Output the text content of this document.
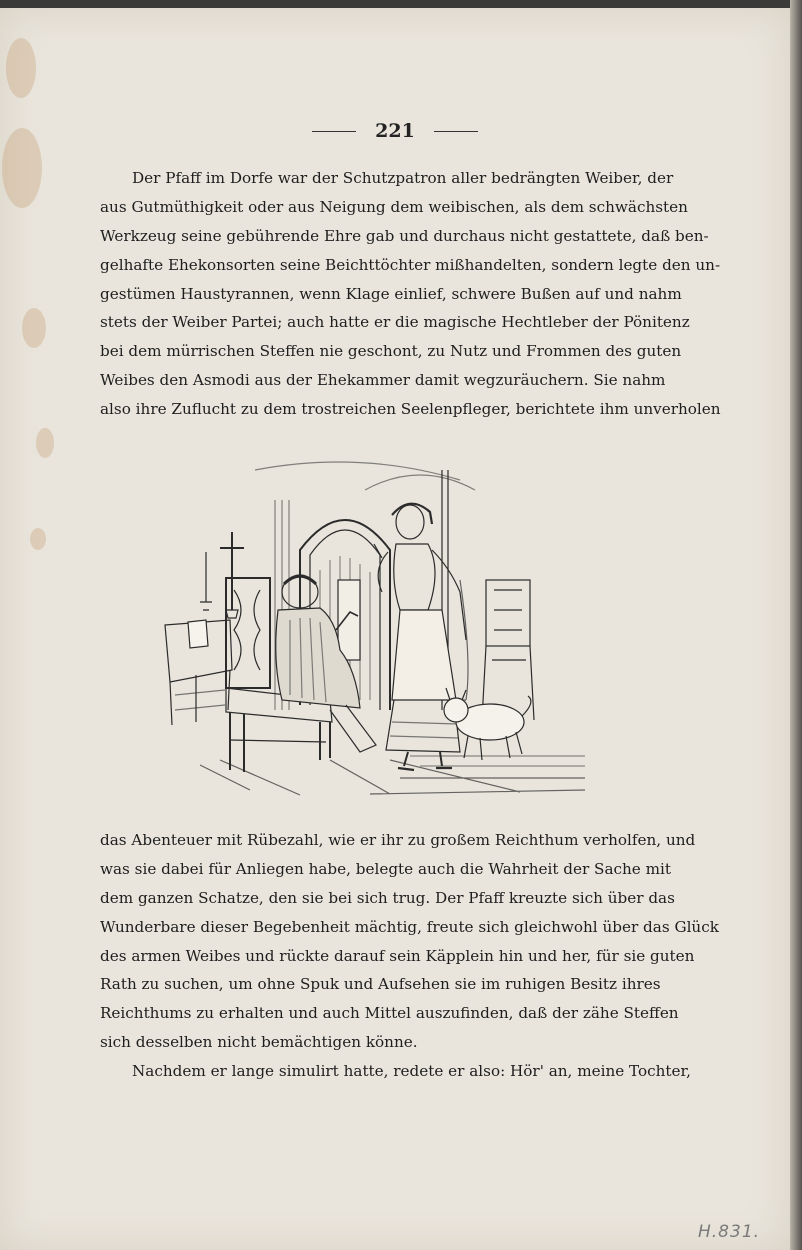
221
Der Pfaff im Dorfe war der Schutzpatron aller bedrängten Weiber, der
aus Gutmüthigkeit oder aus Neigung dem weibischen, als dem schwächsten
Werkzeug seine gebührende Ehre gab und durchaus nicht gestattete, daß ben-
gelhafte Ehekonsorten seine Beichttöchter mißhandelten, sondern legte den un-
gestümen Haustyrannen, wenn Klage einlief, schwere Bußen auf und nahm
stets der Weiber Partei; auch hatte er die magische Hechtleber der Pönitenz
bei dem mürrischen Steffen nie geschont, zu Nutz und Frommen des guten
Weibes den Asmodi aus der Ehekammer damit wegzuräuchern. Sie nahm
also ihre Zuflucht zu dem trostreichen Seelenpfleger, berichtete ihm unverholen
das Abenteuer mit Rübezahl, wie er ihr zu großem Reichthum verholfen, und
was sie dabei für Anliegen habe, belegte auch die Wahrheit der Sache mit
dem ganzen Schatze, den sie bei sich trug. Der Pfaff kreuzte sich über das
Wunderbare dieser Begebenheit mächtig, freute sich gleichwohl über das Glück
des armen Weibes und rückte darauf sein Käpplein hin und her, für sie guten
Rath zu suchen, um ohne Spuk und Aufsehen sie im ruhigen Besitz ihres
Reichthums zu erhalten und auch Mittel auszufinden, daß der zähe Steffen
sich desselben nicht bemächtigen könne.
Nachdem er lange simulirt hatte, redete er also: Hör' an, meine Tochter,
H.831.
